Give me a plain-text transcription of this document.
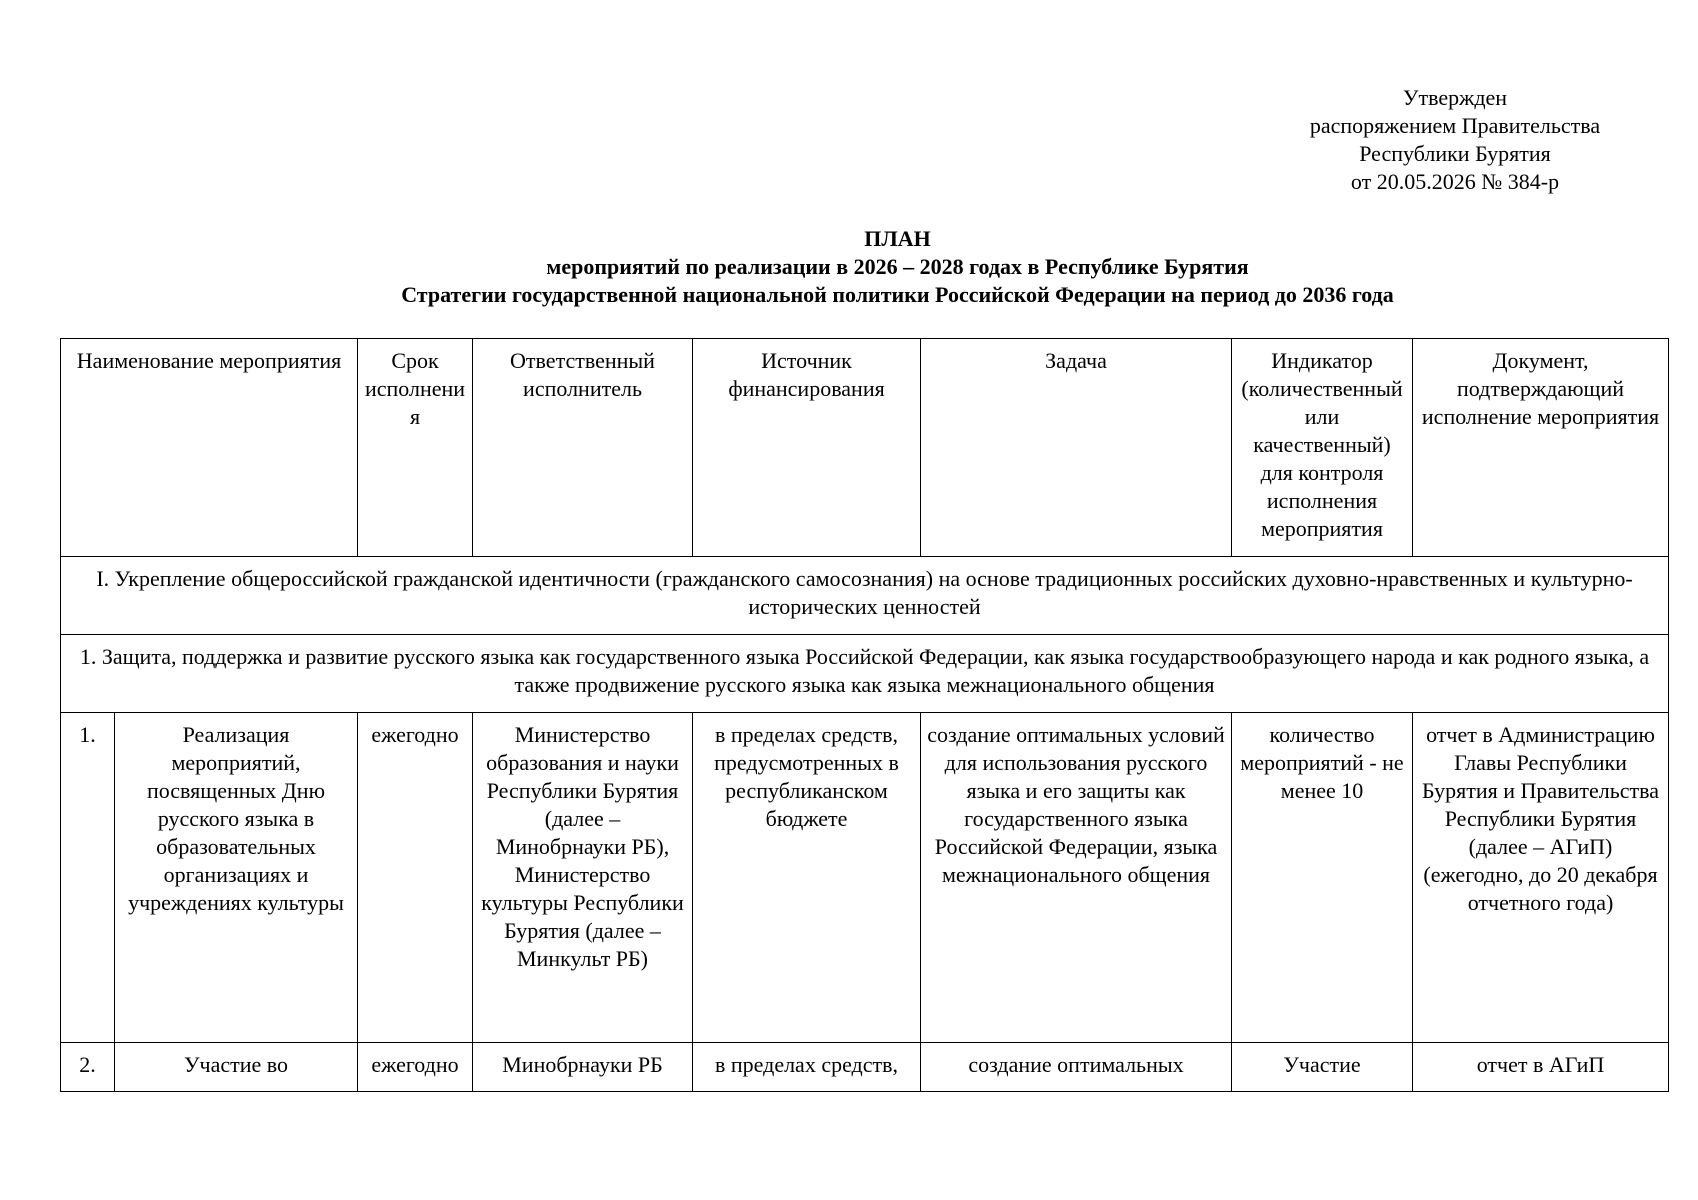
Утвержден
распоряжением Правительства
Республики Бурятия
от 20.05.2026 № 384-р
ПЛАН
мероприятий по реализации в 2026 – 2028 годах в Республике Бурятия
Стратегии государственной национальной политики Российской Федерации на период до 2036 года
Наименование мероприятия		Срок исполнения	Ответственный исполнитель	Источник финансирования	Задача	Индикатор (количественный или качественный) для контроля исполнения мероприятия	Документ, подтверждающий исполнение мероприятия
I. Укрепление общероссийской гражданской идентичности (гражданского самосознания) на основе традиционных российских духовно-нравственных и культурно-исторических ценностей							
1. Защита, поддержка и развитие русского языка как государственного языка Российской Федерации, как языка государствообразующего народа и как родного языка, а также продвижение русского языка как языка межнационального общения							
1.	Реализация мероприятий, посвященных Дню русского языка в образовательных организациях и учреждениях культуры	ежегодно	Министерство образования и науки Республики Бурятия (далее – Минобрнауки РБ), Министерство культуры Республики Бурятия (далее – Минкульт РБ)	в пределах средств, предусмотренных в республиканском бюджете	создание оптимальных условий для использования русского языка и его защиты как государственного языка Российской Федерации, языка межнационального общения	количество мероприятий - не менее 10	отчет в Администрацию Главы Республики Бурятия и Правительства Республики Бурятия (далее – АГиП) (ежегодно, до 20 декабря отчетного года)
2.	Участие во	ежегодно	Минобрнауки РБ	в пределах средств,	создание оптимальных	Участие	отчет в АГиП
